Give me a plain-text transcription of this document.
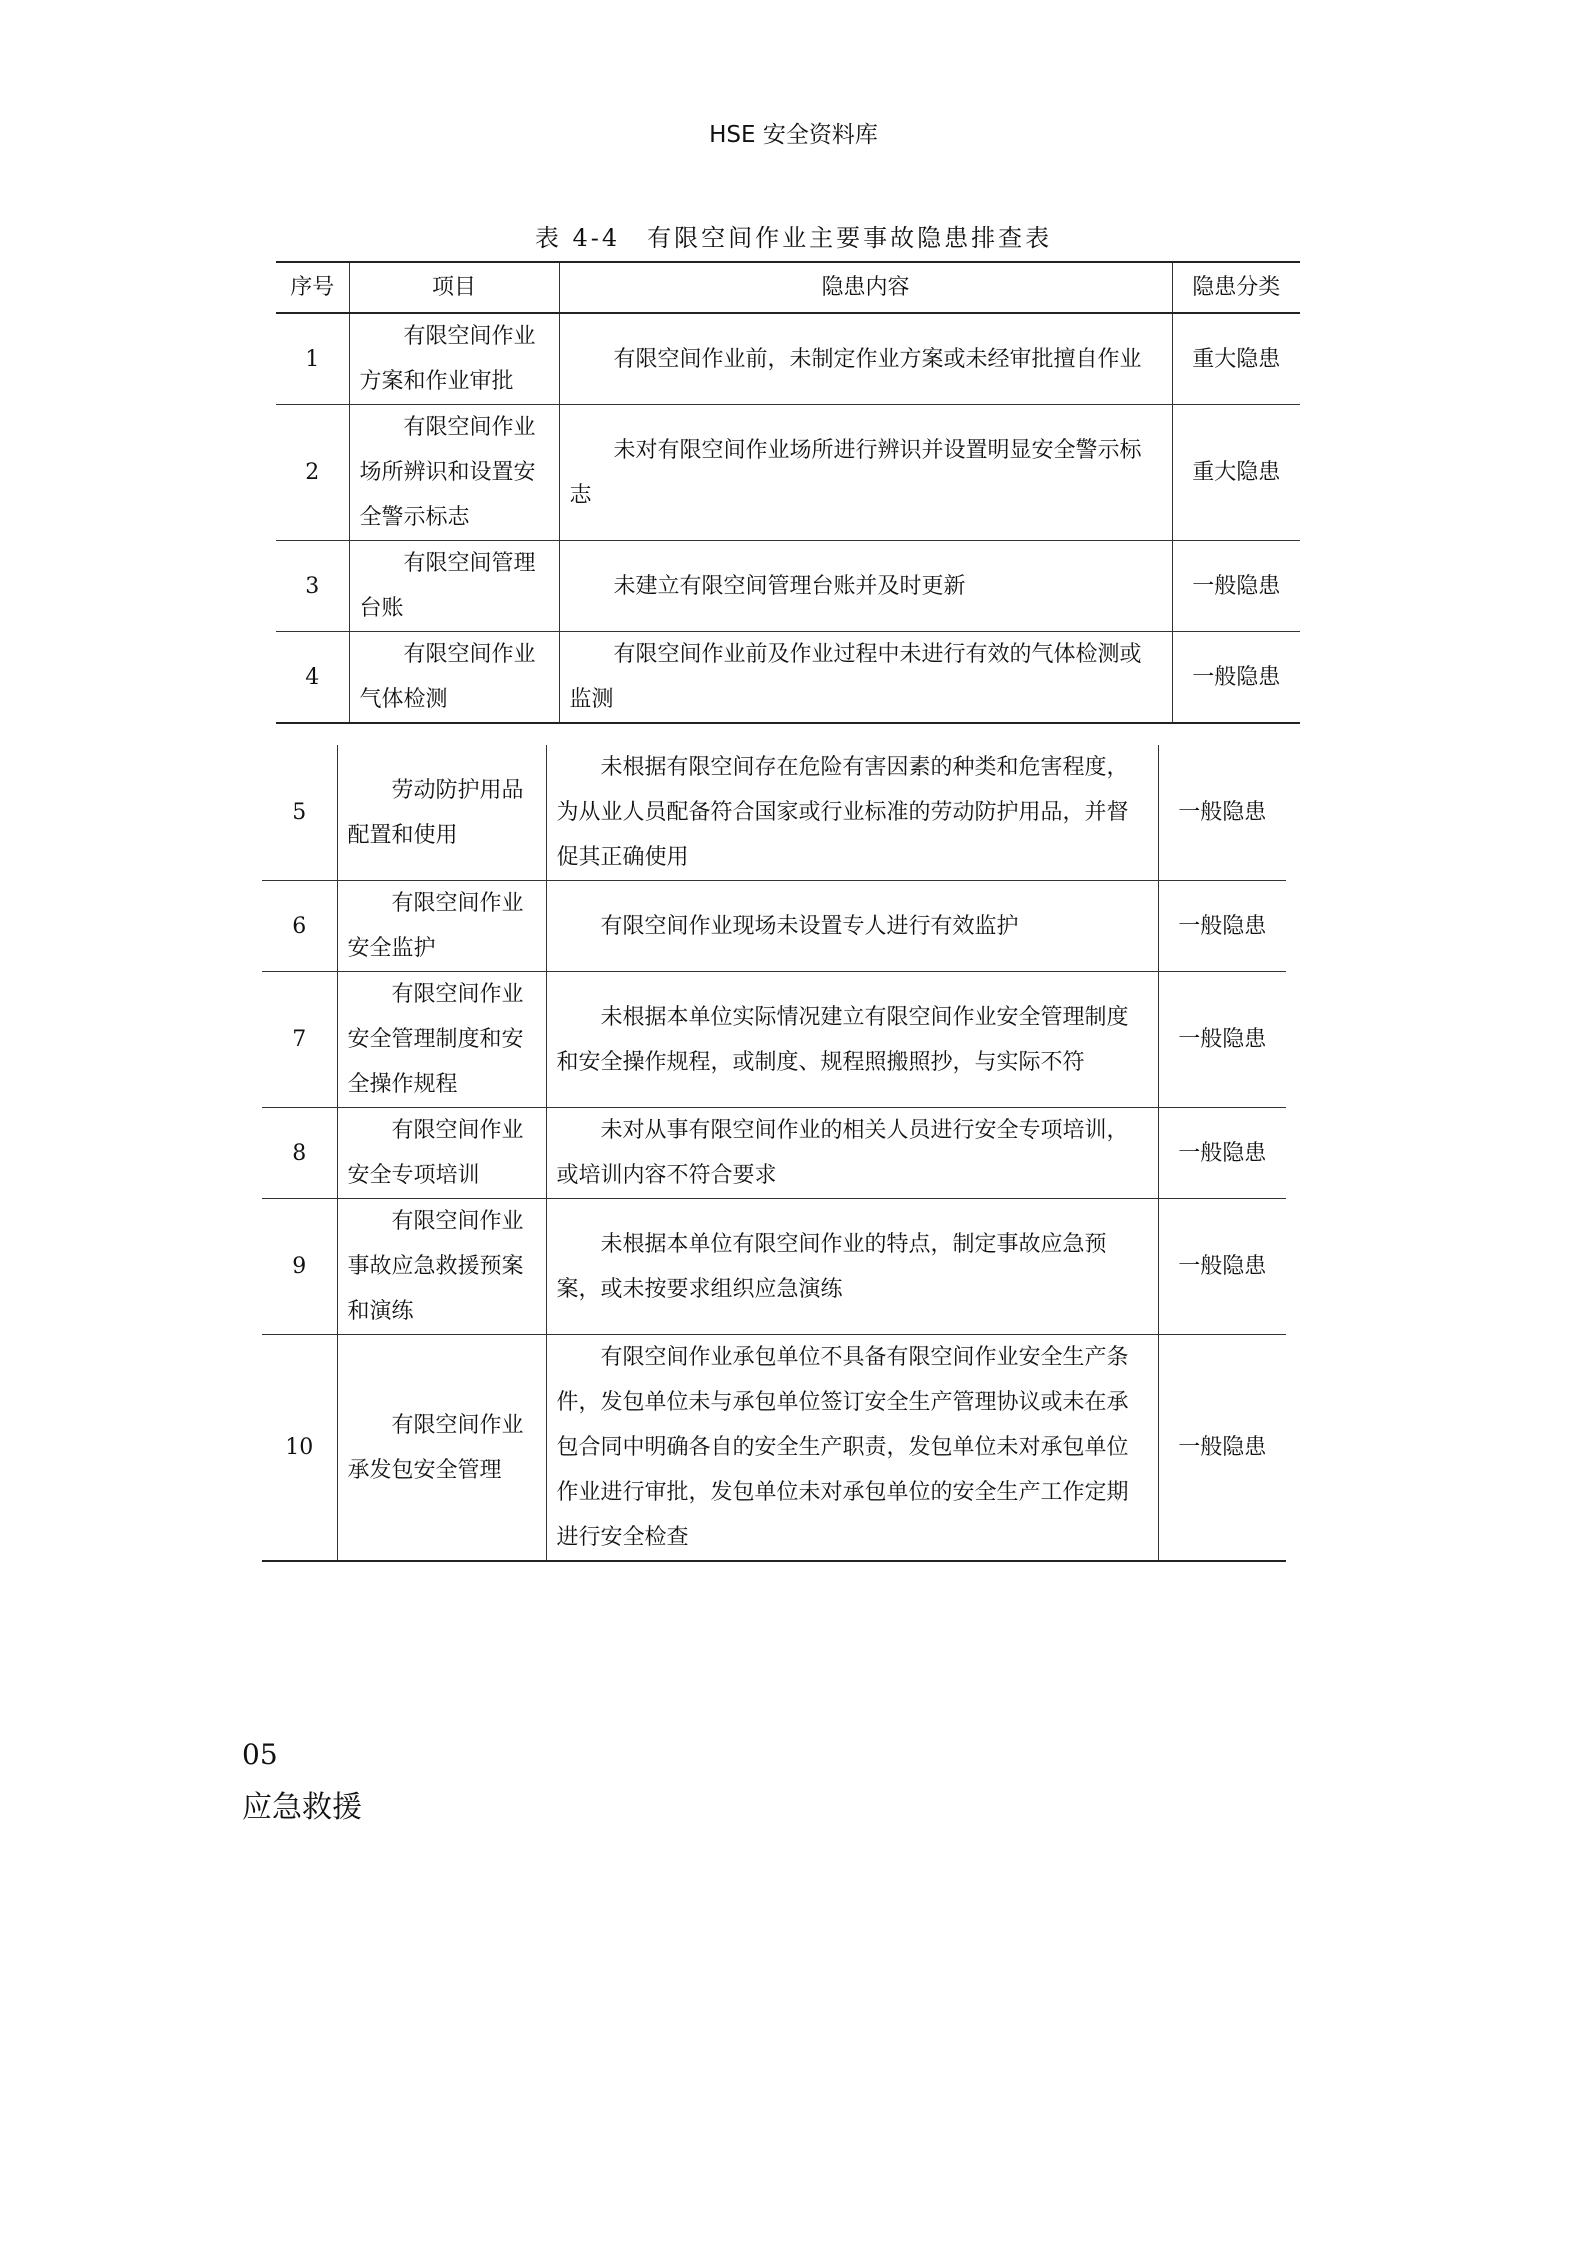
HSE 安全资料库
表 4-4　有限空间作业主要事故隐患排查表
序号	项目	隐患内容	隐患分类
1	有限空间作业方案和作业审批	有限空间作业前，未制定作业方案或未经审批擅自作业	重大隐患
2	有限空间作业场所辨识和设置安全警示标志	未对有限空间作业场所进行辨识并设置明显安全警示标志	重大隐患
3	有限空间管理台账	未建立有限空间管理台账并及时更新	一般隐患
4	有限空间作业气体检测	有限空间作业前及作业过程中未进行有效的气体检测或监测	一般隐患
5	劳动防护用品配置和使用	未根据有限空间存在危险有害因素的种类和危害程度，为从业人员配备符合国家或行业标准的劳动防护用品，并督促其正确使用	一般隐患
6	有限空间作业安全监护	有限空间作业现场未设置专人进行有效监护	一般隐患
7	有限空间作业安全管理制度和安全操作规程	未根据本单位实际情况建立有限空间作业安全管理制度和安全操作规程，或制度、规程照搬照抄，与实际不符	一般隐患
8	有限空间作业安全专项培训	未对从事有限空间作业的相关人员进行安全专项培训，或培训内容不符合要求	一般隐患
9	有限空间作业事故应急救援预案和演练	未根据本单位有限空间作业的特点，制定事故应急预案，或未按要求组织应急演练	一般隐患
10	有限空间作业承发包安全管理	有限空间作业承包单位不具备有限空间作业安全生产条件，发包单位未与承包单位签订安全生产管理协议或未在承包合同中明确各自的安全生产职责，发包单位未对承包单位作业进行审批，发包单位未对承包单位的安全生产工作定期进行安全检查	一般隐患
05
应急救援
